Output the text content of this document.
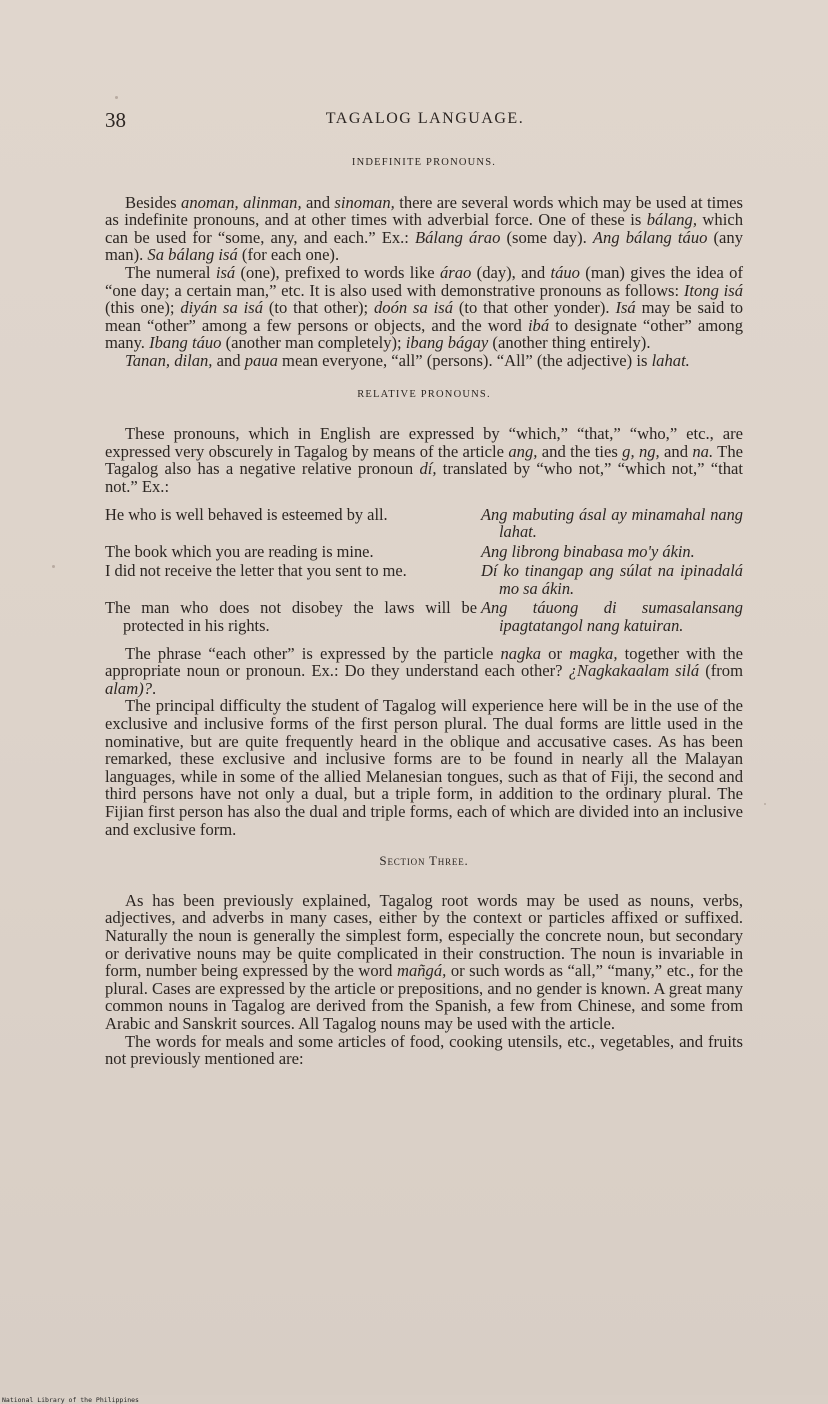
38	TAGALOG LANGUAGE.
INDEFINITE PRONOUNS.

Besides anoman, alinman, and sinoman, there are several words which may be used at times as indefinite pronouns, and at other times with adverbial force. One of these is bálang, which can be used for “some, any, and each.” Ex.: Bálang árao (some day). Ang bálang táuo (any man). Sa bálang isá (for each one).

The numeral isá (one), prefixed to words like árao (day), and táuo (man) gives the idea of “one day; a certain man,” etc. It is also used with demonstrative pronouns as follows: Itong isá (this one); diyán sa isá (to that other); doón sa isá (to that other yonder). Isá may be said to mean “other” among a few persons or objects, and the word ibá to designate “other” among many. Ibang táuo (another man completely); ibang bágay (another thing entirely).

Tanan, dilan, and paua mean everyone, “all” (persons). “All” (the adjective) is lahat.

RELATIVE PRONOUNS.

These pronouns, which in English are expressed by “which,” “that,” “who,” etc., are expressed very obscurely in Tagalog by means of the article ang, and the ties g, ng, and na. The Tagalog also has a negative relative pronoun dí, translated by “who not,” “which not,” “that not.” Ex.:

He who is well behaved is esteemed by all.	Ang mabuting ásal ay minamahal nang lahat.

The book which you are reading is mine.	Ang librong binabasa mo'y ákin.

I did not receive the letter that you sent to me.	Dí ko tinangap ang súlat na ipinadalá mo sa ákin.

The man who does not disobey the laws will be protected in his rights.	Ang táuong di sumasalansang ipagtatangol nang katuiran.

The phrase “each other” is expressed by the particle nagka or magka, together with the appropriate noun or pronoun. Ex.: Do they understand each other? ¿Nagkakaalam silá (from alam)?.

The principal difficulty the student of Tagalog will experience here will be in the use of the exclusive and inclusive forms of the first person plural. The dual forms are little used in the nominative, but are quite frequently heard in the oblique and accusative cases. As has been remarked, these exclusive and inclusive forms are to be found in nearly all the Malayan languages, while in some of the allied Melanesian tongues, such as that of Fiji, the second and third persons have not only a dual, but a triple form, in addition to the ordinary plural. The Fijian first person has also the dual and triple forms, each of which are divided into an inclusive and exclusive form.

Section Three.

As has been previously explained, Tagalog root words may be used as nouns, verbs, adjectives, and adverbs in many cases, either by the context or particles affixed or suffixed. Naturally the noun is generally the simplest form, especially the concrete noun, but secondary or derivative nouns may be quite complicated in their construction. The noun is invariable in form, number being expressed by the word mañgá, or such words as “all,” “many,” etc., for the plural. Cases are expressed by the article or prepositions, and no gender is known. A great many common nouns in Tagalog are derived from the Spanish, a few from Chinese, and some from Arabic and Sanskrit sources. All Tagalog nouns may be used with the article.

The words for meals and some articles of food, cooking utensils, etc., vegetables, and fruits not previously mentioned are:

National Library of the Philippines
